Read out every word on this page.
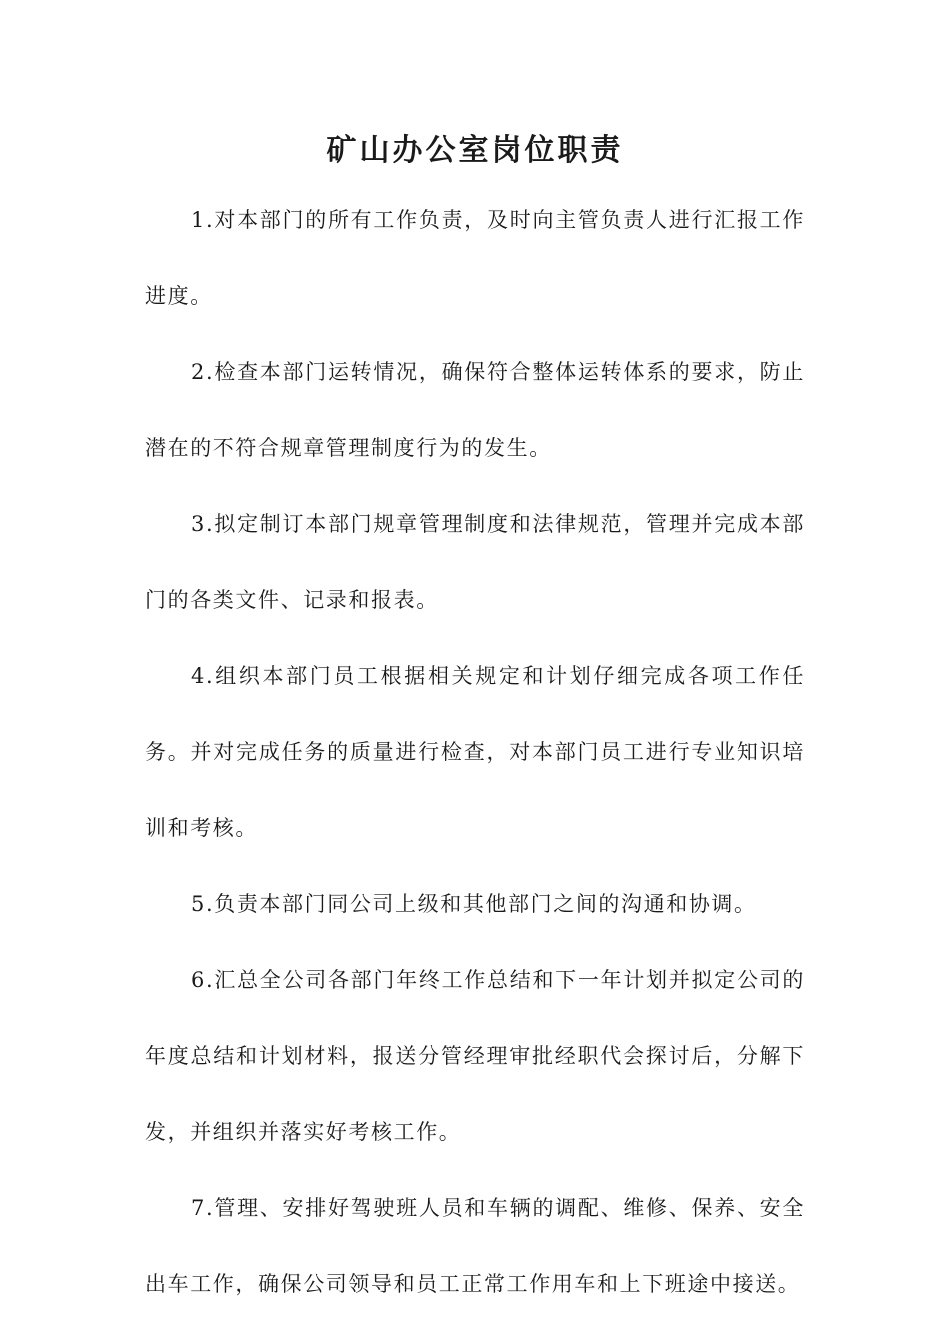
矿山办公室岗位职责

1.对本部门的所有工作负责，及时向主管负责人进行汇报工作进度。

2.检查本部门运转情况，确保符合整体运转体系的要求，防止潜在的不符合规章管理制度行为的发生。

3.拟定制订本部门规章管理制度和法律规范，管理并完成本部门的各类文件、记录和报表。

4.组织本部门员工根据相关规定和计划仔细完成各项工作任务。并对完成任务的质量进行检查，对本部门员工进行专业知识培训和考核。

5.负责本部门同公司上级和其他部门之间的沟通和协调。

6.汇总全公司各部门年终工作总结和下一年计划并拟定公司的年度总结和计划材料，报送分管经理审批经职代会探讨后，分解下发，并组织并落实好考核工作。

7.管理、安排好驾驶班人员和车辆的调配、维修、保养、安全出车工作，确保公司领导和员工正常工作用车和上下班途中接送。
